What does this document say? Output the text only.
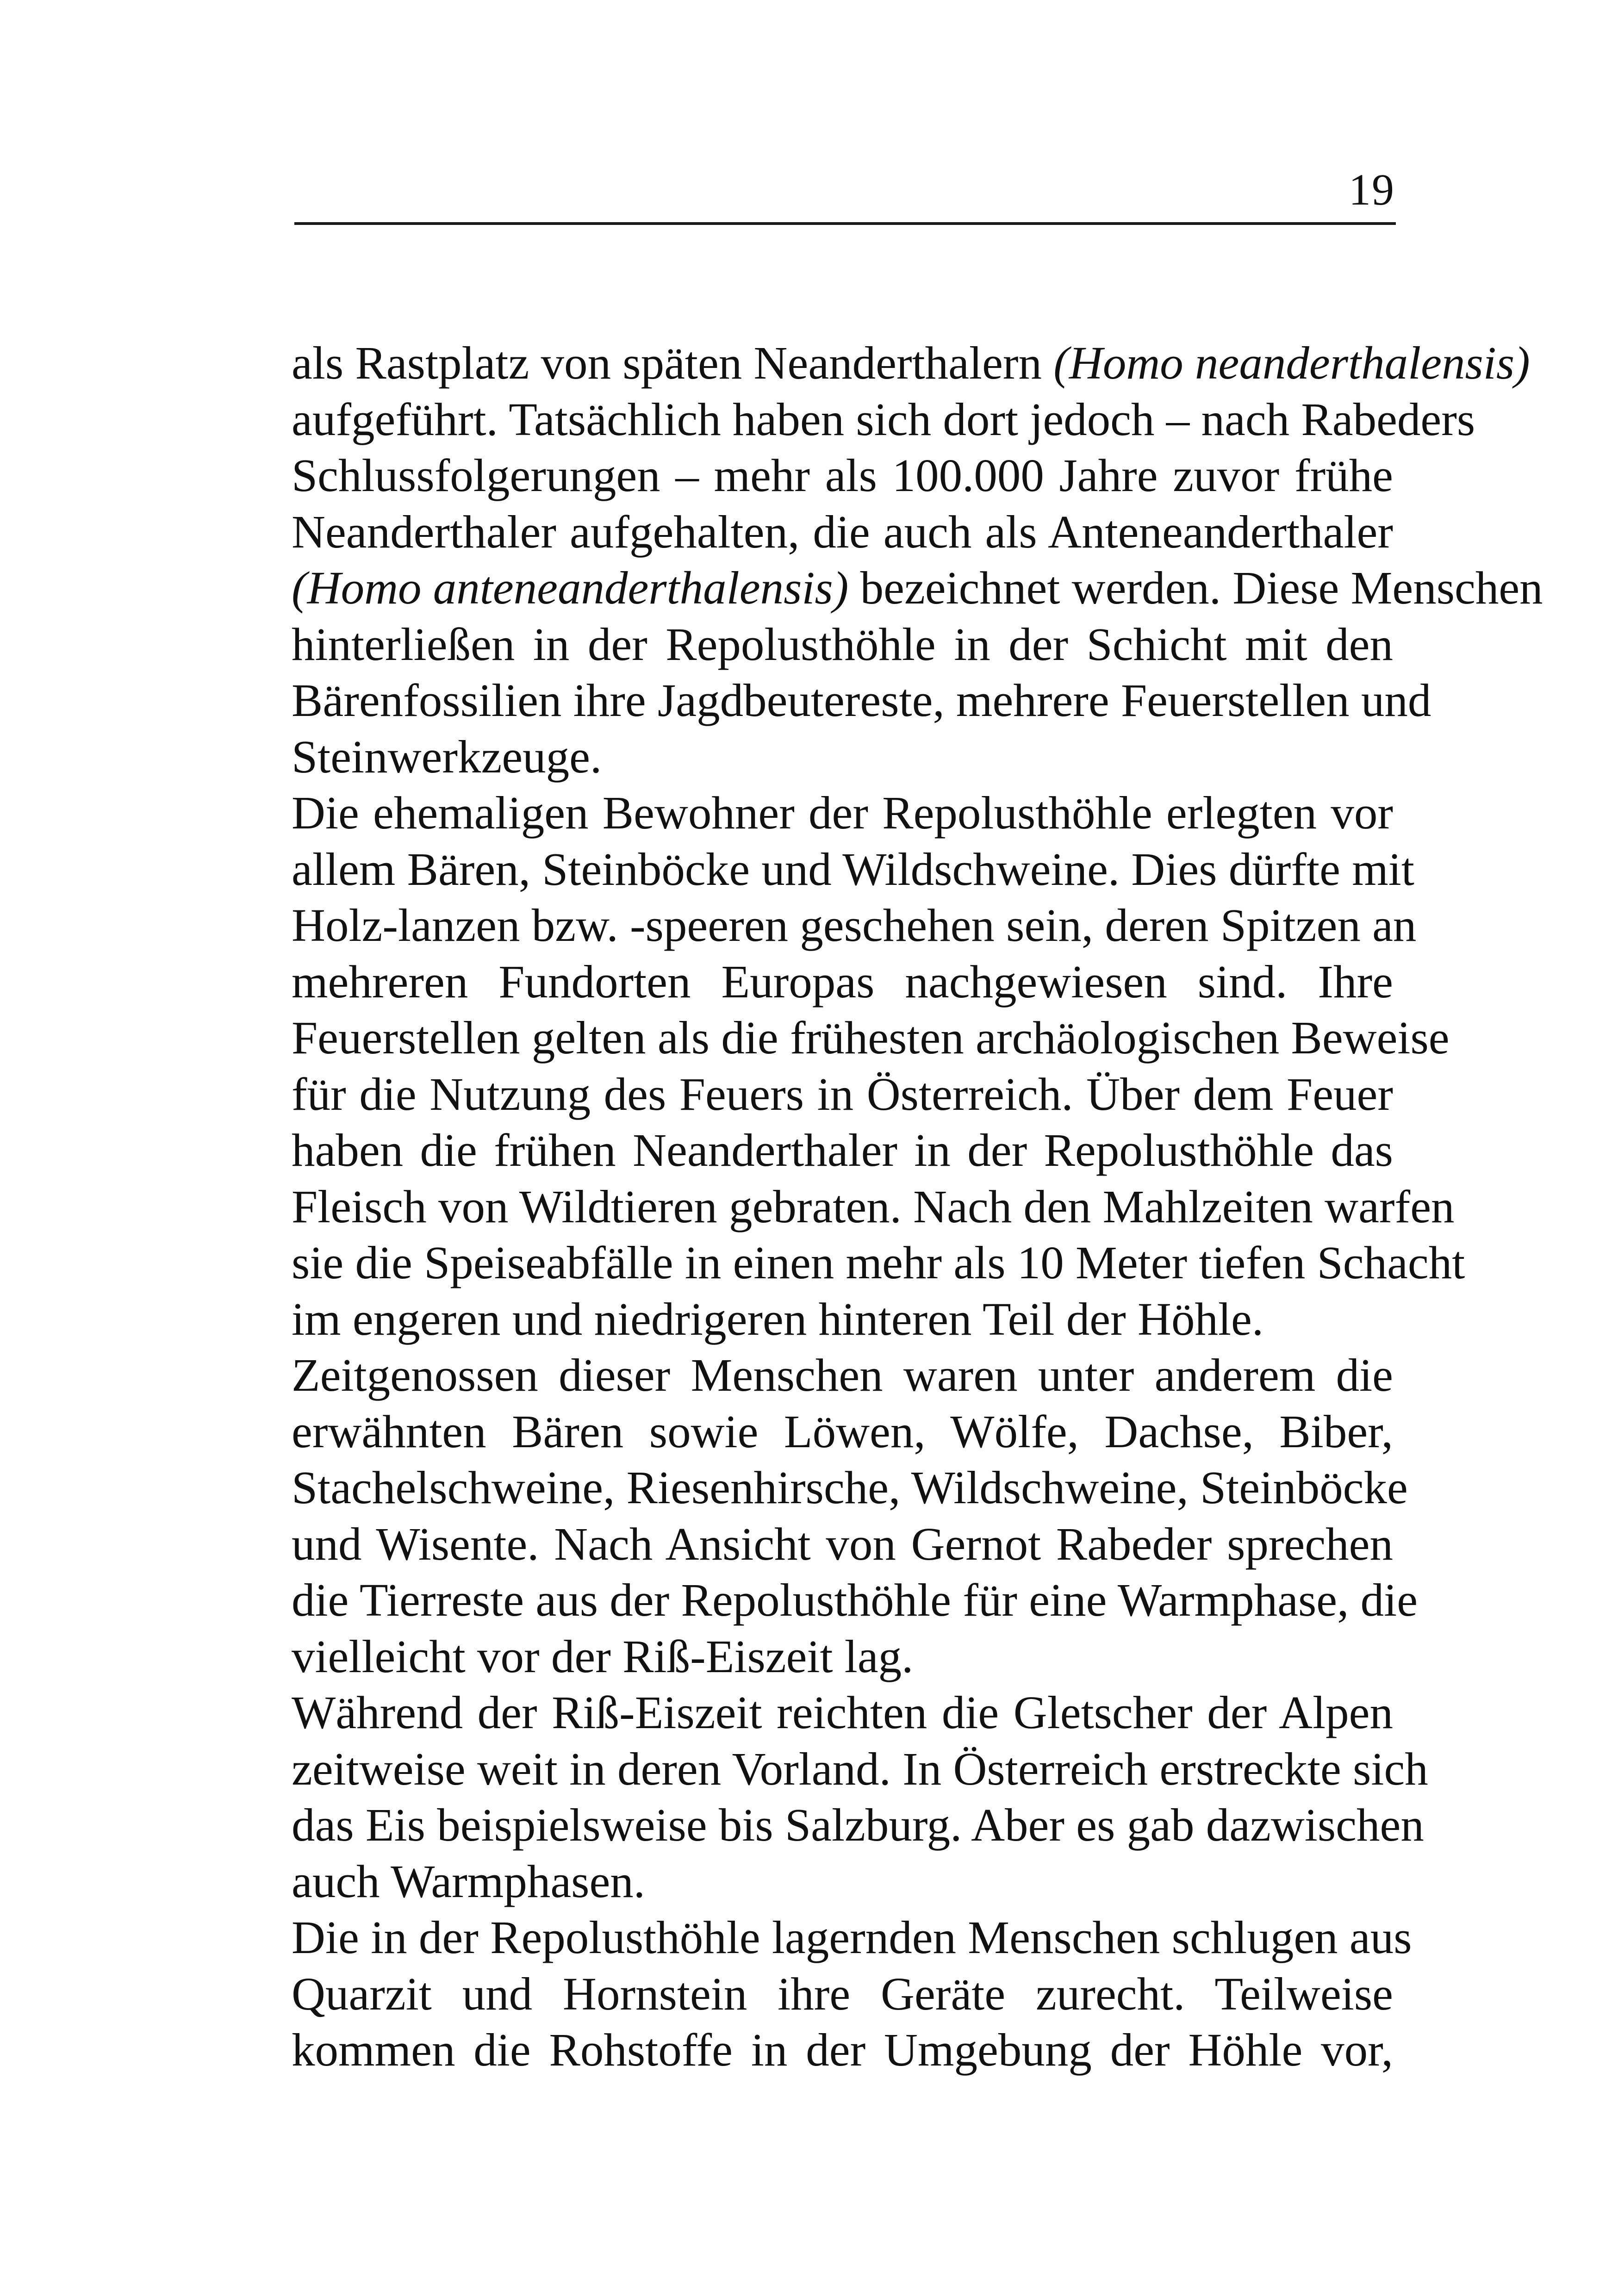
19

als Rastplatz von späten Neanderthalern (Homo neanderthalensis)
aufgeführt. Tatsächlich haben sich dort jedoch – nach Rabeders
Schlussfolgerungen – mehr als 100.000 Jahre zuvor frühe
Neanderthaler aufgehalten, die auch als Anteneanderthaler
(Homo anteneanderthalensis) bezeichnet werden. Diese Menschen
hinterließen in der Repolusthöhle in der Schicht mit den
Bärenfossilien ihre Jagdbeutereste, mehrere Feuerstellen und
Steinwerkzeuge.

Die ehemaligen Bewohner der Repolusthöhle erlegten vor
allem Bären, Steinböcke und Wildschweine. Dies dürfte mit
Holz-lanzen bzw. -speeren geschehen sein, deren Spitzen an
mehreren Fundorten Europas nachgewiesen sind. Ihre
Feuerstellen gelten als die frühesten archäologischen Beweise
für die Nutzung des Feuers in Österreich. Über dem Feuer
haben die frühen Neanderthaler in der Repolusthöhle das
Fleisch von Wildtieren gebraten. Nach den Mahlzeiten warfen
sie die Speiseabfälle in einen mehr als 10 Meter tiefen Schacht
im engeren und niedrigeren hinteren Teil der Höhle.

Zeitgenossen dieser Menschen waren unter anderem die
erwähnten Bären sowie Löwen, Wölfe, Dachse, Biber,
Stachelschweine, Riesenhirsche, Wildschweine, Steinböcke
und Wisente. Nach Ansicht von Gernot Rabeder sprechen
die Tierreste aus der Repolusthöhle für eine Warmphase, die
vielleicht vor der Riß-Eiszeit lag.

Während der Riß-Eiszeit reichten die Gletscher der Alpen
zeitweise weit in deren Vorland. In Österreich erstreckte sich
das Eis beispielsweise bis Salzburg. Aber es gab dazwischen
auch Warmphasen.

Die in der Repolusthöhle lagernden Menschen schlugen aus
Quarzit und Hornstein ihre Geräte zurecht. Teilweise
kommen die Rohstoffe in der Umgebung der Höhle vor,
